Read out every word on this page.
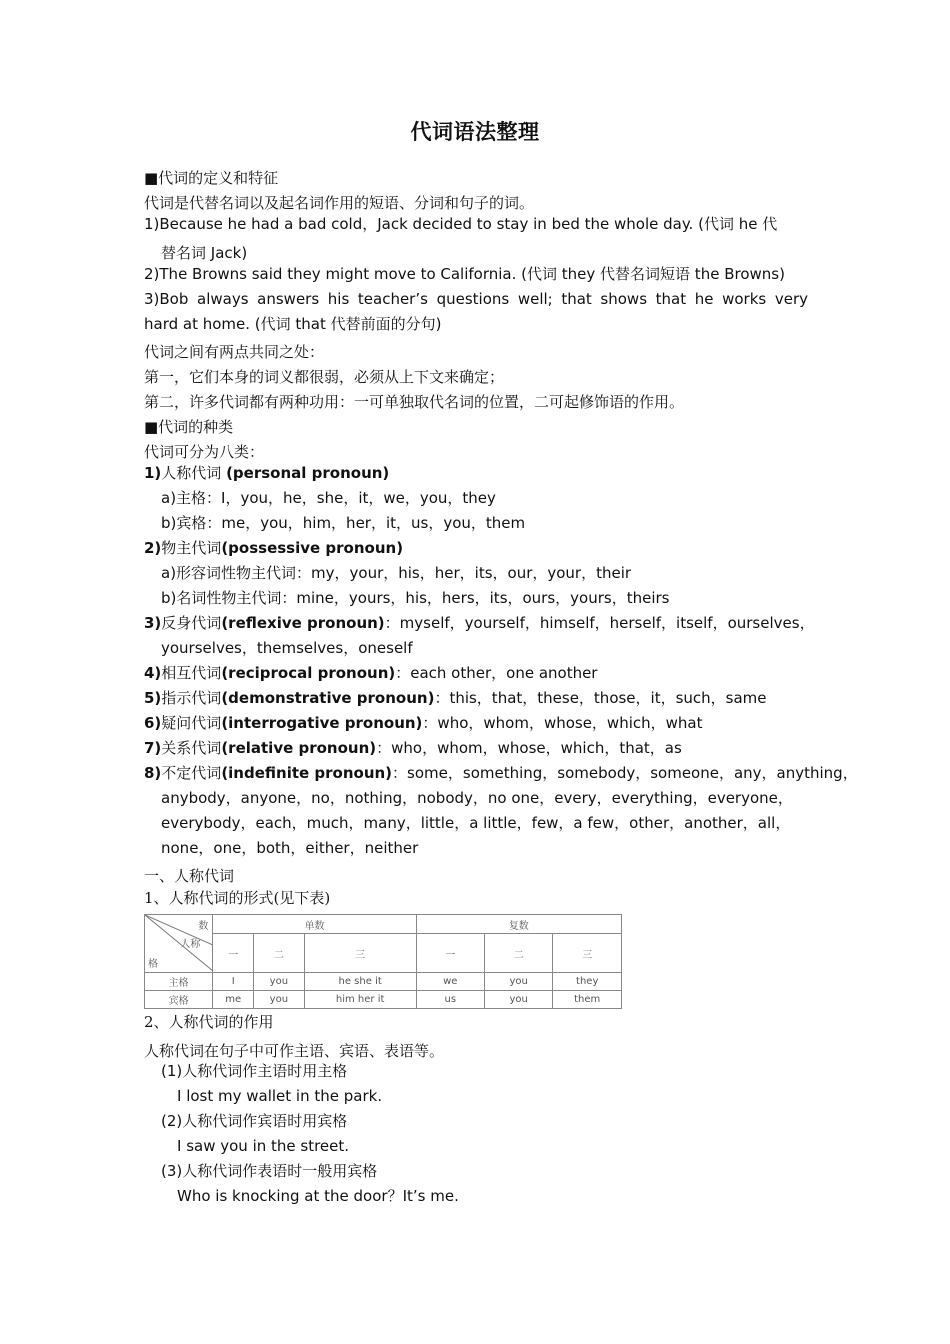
代词语法整理
■代词的定义和特征
代词是代替名词以及起名词作用的短语、分词和句子的词。
1)Because he had a bad cold，Jack decided to stay in bed the whole day. (代词 he 代
替名词 Jack)
2)The Browns said they might move to California. (代词 they 代替名词短语 the Browns)
3)Bob always answers his teacher’s questions well; that shows that he works very
hard at home. (代词 that 代替前面的分句)
代词之间有两点共同之处：
第一，它们本身的词义都很弱，必须从上下文来确定；
第二，许多代词都有两种功用：一可单独取代名词的位置，二可起修饰语的作用。
■代词的种类
代词可分为八类：
1)人称代词 (personal pronoun)
a)主格：I，you，he，she，it，we，you，they
b)宾格：me，you，him，her，it，us，you，them
2)物主代词(possessive pronoun)
a)形容词性物主代词：my，your，his，her，its，our，your，their
b)名词性物主代词：mine，yours，his，hers，its，ours，yours，theirs
3)反身代词(reflexive pronoun)：myself，yourself，himself，herself，itself，ourselves，
yourselves，themselves，oneself
4)相互代词(reciprocal pronoun)：each other，one another
5)指示代词(demonstrative pronoun)：this，that，these，those，it，such，same
6)疑问代词(interrogative pronoun)：who，whom，whose，which，what
7)关系代词(relative pronoun)：who，whom，whose，which，that，as
8)不定代词(indefinite pronoun)：some，something，somebody，someone，any，anything，
anybody，anyone，no，nothing，nobody，no one，every，everything，everyone，
everybody，each，much，many，little，a little，few，a few，other，another，all，
none，one，both，either，neither
一、人称代词
1、人称代词的形式(见下表)
数
人称
格	单数			复数		
	一	二	三	一	二	三
主格	I	you	he she it	we	you	they
宾格	me	you	him her it	us	you	them
2、人称代词的作用
人称代词在句子中可作主语、宾语、表语等。
(1)人称代词作主语时用主格
I lost my wallet in the park.
(2)人称代词作宾语时用宾格
I saw you in the street.
(3)人称代词作表语时一般用宾格
Who is knocking at the door？It’s me.
